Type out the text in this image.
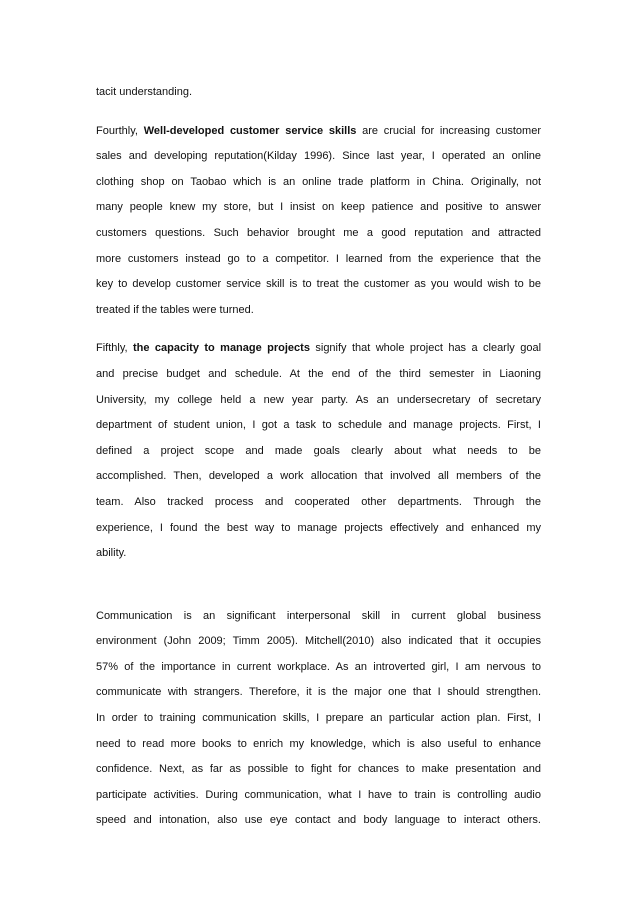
tacit understanding.
Fourthly, Well-developed customer service skills are crucial for increasing customer
sales and developing reputation(Kilday 1996). Since last year, I operated an online
clothing shop on Taobao which is an online trade platform in China. Originally, not
many people knew my store, but I insist on keep patience and positive to answer
customers questions. Such behavior brought me a good reputation and attracted
more customers instead go to a competitor. I learned from the experience that the
key to develop customer service skill is to treat the customer as you would wish to be
treated if the tables were turned.
Fifthly, the capacity to manage projects signify that whole project has a clearly goal
and precise budget and schedule. At the end of the third semester in Liaoning
University, my college held a new year party. As an undersecretary of secretary
department of student union, I got a task to schedule and manage projects. First, I
defined a project scope and made goals clearly about what needs to be
accomplished. Then, developed a work allocation that involved all members of the
team. Also tracked process and cooperated other departments. Through the
experience, I found the best way to manage projects effectively and enhanced my
ability.
Communication is an significant interpersonal skill in current global business
environment (John 2009; Timm 2005). Mitchell(2010) also indicated that it occupies
57% of the importance in current workplace. As an introverted girl, I am nervous to
communicate with strangers. Therefore, it is the major one that I should strengthen.
In order to training communication skills, I prepare an particular action plan. First, I
need to read more books to enrich my knowledge, which is also useful to enhance
confidence. Next, as far as possible to fight for chances to make presentation and
participate activities. During communication, what I have to train is controlling audio
speed and intonation, also use eye contact and body language to interact others.
